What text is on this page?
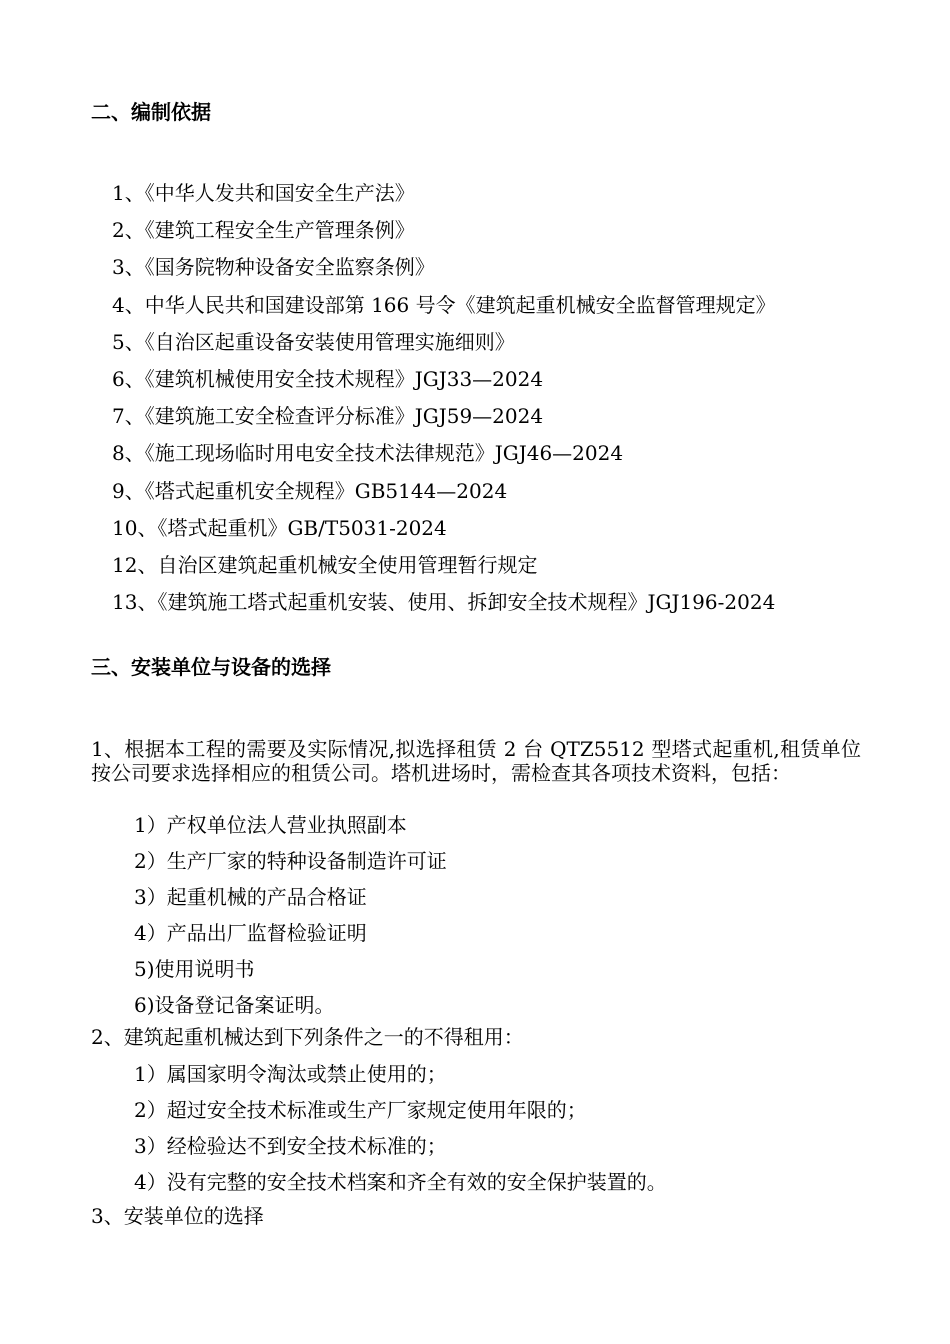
二、编制依据
1、《中华人发共和国安全生产法》
2、《建筑工程安全生产管理条例》
3、《国务院物种设备安全监察条例》
4、中华人民共和国建设部第 166 号令《建筑起重机械安全监督管理规定》
5、《自治区起重设备安装使用管理实施细则》
6、《建筑机械使用安全技术规程》JGJ33—2024
7、《建筑施工安全检查评分标准》JGJ59—2024
8、《施工现场临时用电安全技术法律规范》JGJ46—2024
9、《塔式起重机安全规程》GB5144—2024
10、《塔式起重机》GB/T5031-2024
12、自治区建筑起重机械安全使用管理暂行规定
13、《建筑施工塔式起重机安装、使用、拆卸安全技术规程》JGJ196-2024
三、安装单位与设备的选择

1、根据本工程的需要及实际情况,拟选择租赁 2 台 QTZ5512 型塔式起重机,租赁单位按公司要求选择相应的租赁公司。塔机进场时，需检查其各项技术资料，包括：

1）产权单位法人营业执照副本
2）生产厂家的特种设备制造许可证
3）起重机械的产品合格证
4）产品出厂监督检验证明
5)使用说明书
6)设备登记备案证明。
2、建筑起重机械达到下列条件之一的不得租用：
1）属国家明令淘汰或禁止使用的；
2）超过安全技术标准或生产厂家规定使用年限的；
3）经检验达不到安全技术标准的；
4）没有完整的安全技术档案和齐全有效的安全保护装置的。
3、安装单位的选择
